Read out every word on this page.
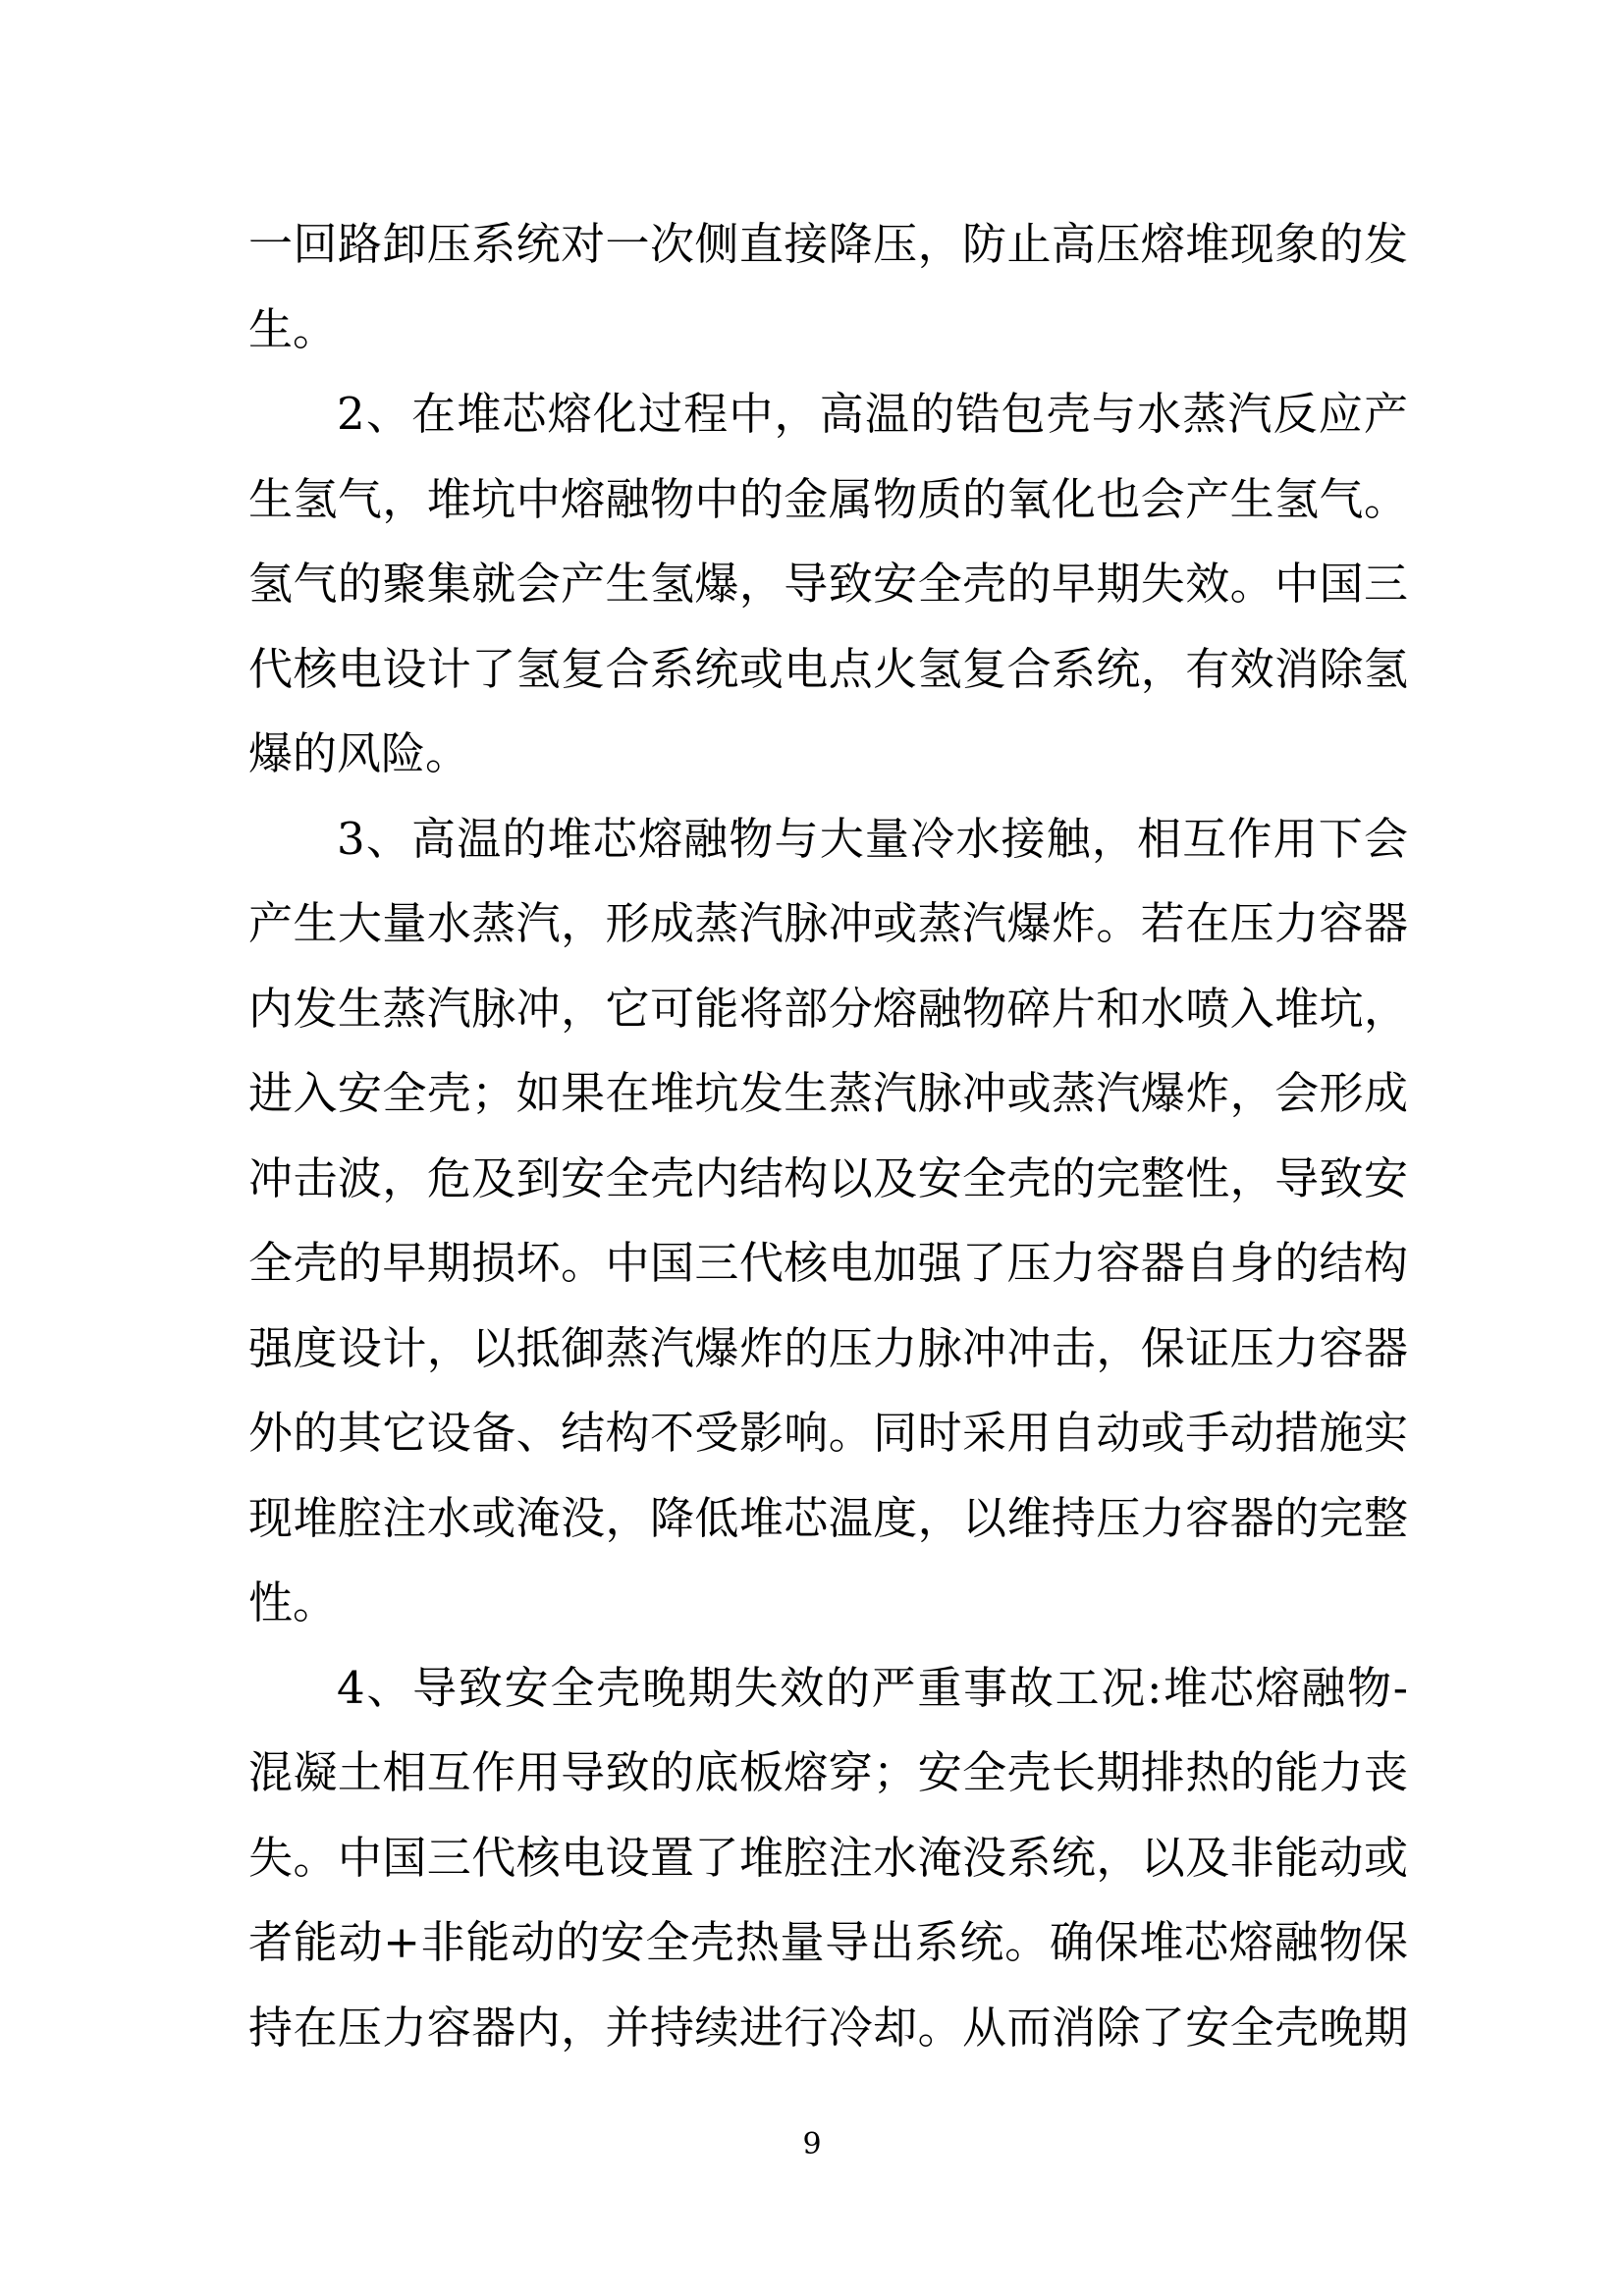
一回路卸压系统对一次侧直接降压，防止高压熔堆现象的发
生。
2、在堆芯熔化过程中，高温的锆包壳与水蒸汽反应产
生氢气，堆坑中熔融物中的金属物质的氧化也会产生氢气。
氢气的聚集就会产生氢爆，导致安全壳的早期失效。中国三
代核电设计了氢复合系统或电点火氢复合系统，有效消除氢
爆的风险。
3、高温的堆芯熔融物与大量冷水接触，相互作用下会
产生大量水蒸汽，形成蒸汽脉冲或蒸汽爆炸。若在压力容器
内发生蒸汽脉冲，它可能将部分熔融物碎片和水喷入堆坑，
进入安全壳；如果在堆坑发生蒸汽脉冲或蒸汽爆炸，会形成
冲击波，危及到安全壳内结构以及安全壳的完整性，导致安
全壳的早期损坏。中国三代核电加强了压力容器自身的结构
强度设计，以抵御蒸汽爆炸的压力脉冲冲击，保证压力容器
外的其它设备、结构不受影响。同时采用自动或手动措施实
现堆腔注水或淹没，降低堆芯温度，以维持压力容器的完整
性。
4、导致安全壳晚期失效的严重事故工况:堆芯熔融物-
混凝土相互作用导致的底板熔穿；安全壳长期排热的能力丧
失。中国三代核电设置了堆腔注水淹没系统，以及非能动或
者能动+非能动的安全壳热量导出系统。确保堆芯熔融物保
持在压力容器内，并持续进行冷却。从而消除了安全壳晚期
9
